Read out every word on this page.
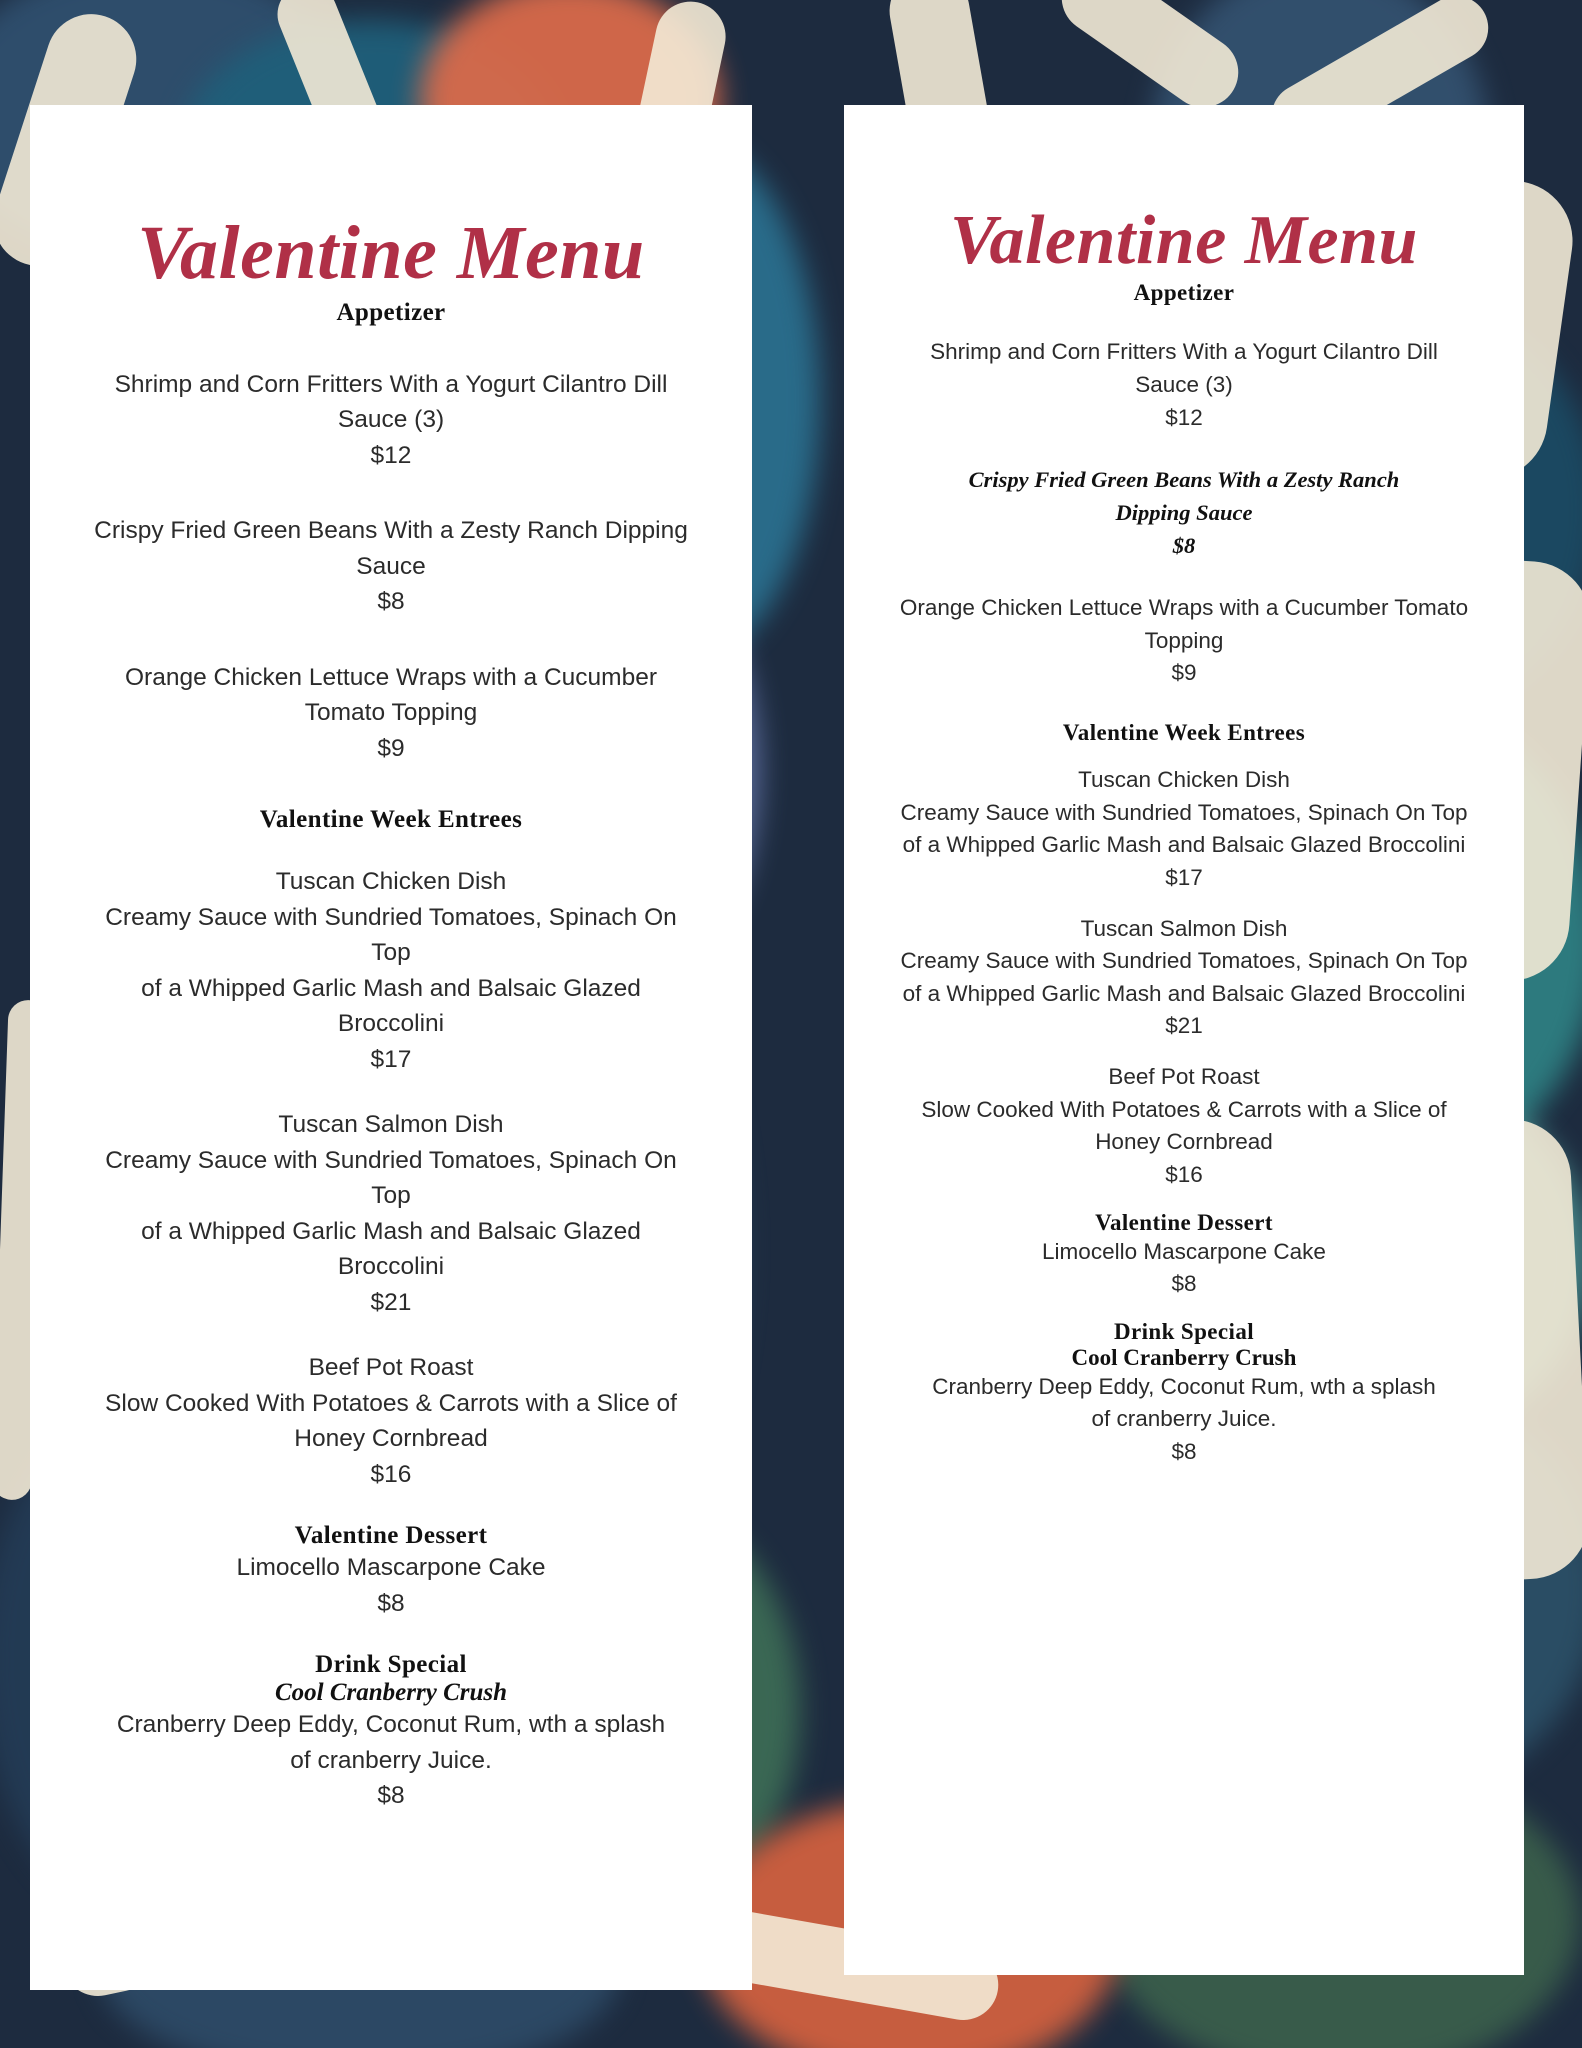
Valentine Menu
Appetizer
Shrimp and Corn Fritters With a Yogurt Cilantro Dill
Sauce (3)
$12
Crispy Fried Green Beans With a Zesty Ranch Dipping
Sauce
$8
Orange Chicken Lettuce Wraps with a Cucumber
Tomato Topping
$9
Valentine Week Entrees
Tuscan Chicken Dish
Creamy Sauce with Sundried Tomatoes, Spinach On Top
of a Whipped Garlic Mash and Balsaic Glazed Broccolini
$17
Tuscan Salmon Dish
Creamy Sauce with Sundried Tomatoes, Spinach On Top
of a Whipped Garlic Mash and Balsaic Glazed Broccolini
$21
Beef Pot Roast
Slow Cooked With Potatoes & Carrots with a Slice of
Honey Cornbread
$16
Valentine Dessert
Limocello Mascarpone Cake
$8
Drink Special
Cool Cranberry Crush
Cranberry Deep Eddy, Coconut Rum, wth a splash
of cranberry Juice.
$8
Valentine Menu
Appetizer
Shrimp and Corn Fritters With a Yogurt Cilantro Dill
Sauce (3)
$12
Crispy Fried Green Beans With a Zesty Ranch
Dipping Sauce
$8
Orange Chicken Lettuce Wraps with a Cucumber Tomato
Topping
$9
Valentine Week Entrees
Tuscan Chicken Dish
Creamy Sauce with Sundried Tomatoes, Spinach On Top
of a Whipped Garlic Mash and Balsaic Glazed Broccolini
$17
Tuscan Salmon Dish
Creamy Sauce with Sundried Tomatoes, Spinach On Top
of a Whipped Garlic Mash and Balsaic Glazed Broccolini
$21
Beef Pot Roast
Slow Cooked With Potatoes & Carrots with a Slice of
Honey Cornbread
$16
Valentine Dessert
Limocello Mascarpone Cake
$8
Drink Special
Cool Cranberry Crush
Cranberry Deep Eddy, Coconut Rum, wth a splash
of cranberry Juice.
$8
